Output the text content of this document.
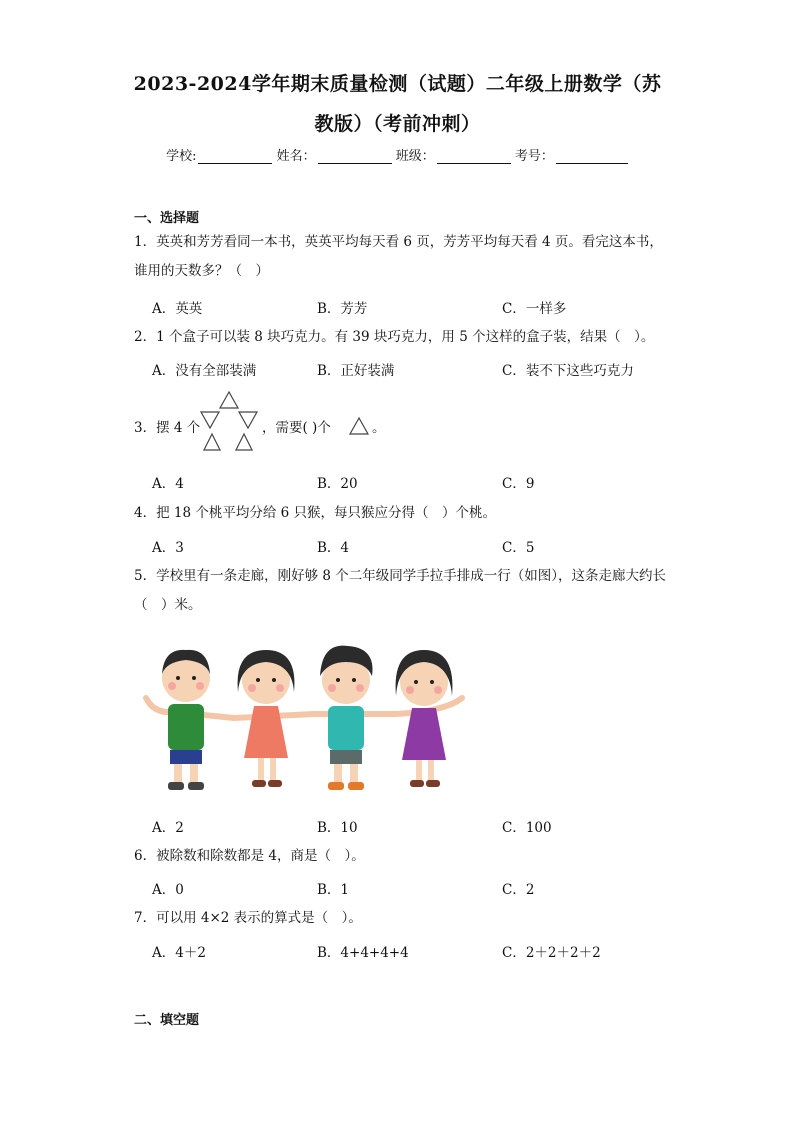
2023-2024学年期末质量检测（试题）二年级上册数学（苏
教版）（考前冲刺）
学校:	姓名：	班级：	考号：
一、选择题
1．英英和芳芳看同一本书，英英平均每天看 6 页，芳芳平均每天看 4 页。看完这本书，谁用的天数多？（　）
A．英英	B．芳芳	C．一样多
2．1 个盒子可以装 8 块巧克力。有 39 块巧克力，用 5 个这样的盒子装，结果（　）。
A．没有全部装满	B．正好装满	C．装不下这些巧克力
3．摆 4 个	，需要( )个	。
A．4	B．20	C．9
4．把 18 个桃平均分给 6 只猴，每只猴应分得（　）个桃。
A．3	B．4	C．5
5．学校里有一条走廊，刚好够 8 个二年级同学手拉手排成一行（如图），这条走廊大约长（　）米。
A．2	B．10	C．100
6．被除数和除数都是 4，商是（　）。
A．0	B．1	C．2
7．可以用 4×2 表示的算式是（　）。
A．4＋2	B．4+4+4+4	C．2＋2＋2＋2
二、填空题
